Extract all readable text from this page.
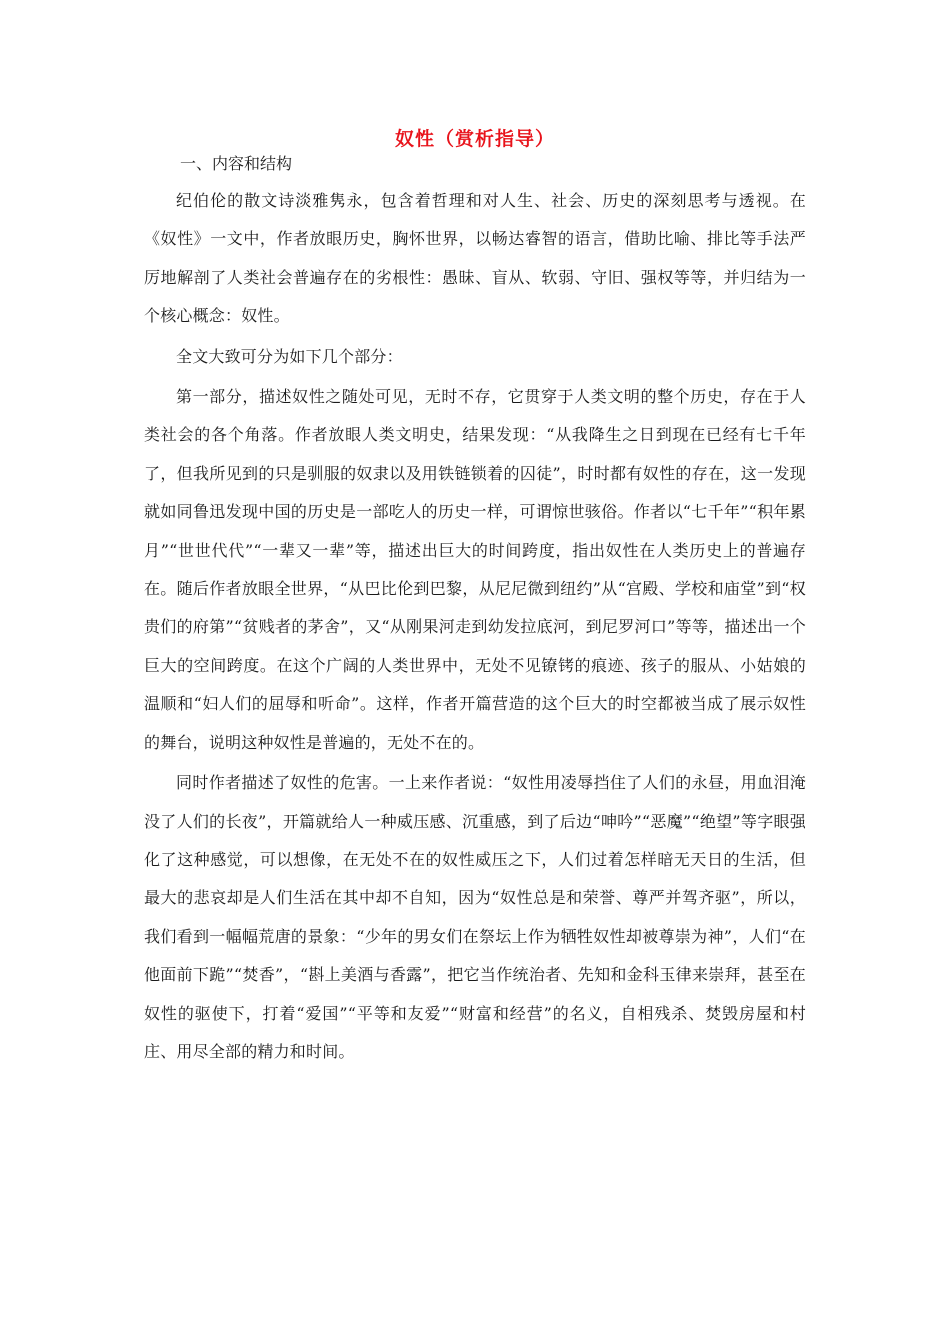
奴性（赏析指导）

一、内容和结构

纪伯伦的散文诗淡雅隽永，包含着哲理和对人生、社会、历史的深刻思考与透视。在《奴性》一文中，作者放眼历史，胸怀世界，以畅达睿智的语言，借助比喻、排比等手法严厉地解剖了人类社会普遍存在的劣根性：愚昧、盲从、软弱、守旧、强权等等，并归结为一个核心概念：奴性。

全文大致可分为如下几个部分：

第一部分，描述奴性之随处可见，无时不存，它贯穿于人类文明的整个历史，存在于人类社会的各个角落。作者放眼人类文明史，结果发现：“从我降生之日到现在已经有七千年了，但我所见到的只是驯服的奴隶以及用铁链锁着的囚徒”，时时都有奴性的存在，这一发现就如同鲁迅发现中国的历史是一部吃人的历史一样，可谓惊世骇俗。作者以“七千年”“积年累月”“世世代代”“一辈又一辈”等，描述出巨大的时间跨度，指出奴性在人类历史上的普遍存在。随后作者放眼全世界，“从巴比伦到巴黎，从尼尼微到纽约”从“宫殿、学校和庙堂”到“权贵们的府第”“贫贱者的茅舍”，又“从刚果河走到幼发拉底河，到尼罗河口”等等，描述出一个巨大的空间跨度。在这个广阔的人类世界中，无处不见镣铐的痕迹、孩子的服从、小姑娘的温顺和“妇人们的屈辱和听命”。这样，作者开篇营造的这个巨大的时空都被当成了展示奴性的舞台，说明这种奴性是普遍的，无处不在的。

同时作者描述了奴性的危害。一上来作者说：“奴性用凌辱挡住了人们的永昼，用血泪淹没了人们的长夜”，开篇就给人一种威压感、沉重感，到了后边“呻吟”“恶魔”“绝望”等字眼强化了这种感觉，可以想像，在无处不在的奴性威压之下，人们过着怎样暗无天日的生活，但最大的悲哀却是人们生活在其中却不自知，因为“奴性总是和荣誉、尊严并驾齐驱”，所以，我们看到一幅幅荒唐的景象：“少年的男女们在祭坛上作为牺牲奴性却被尊崇为神”，人们“在他面前下跪”“焚香”，“斟上美酒与香露”，把它当作统治者、先知和金科玉律来崇拜，甚至在奴性的驱使下，打着“爱国”“平等和友爱”“财富和经营”的名义，自相残杀、焚毁房屋和村庄、用尽全部的精力和时间。
